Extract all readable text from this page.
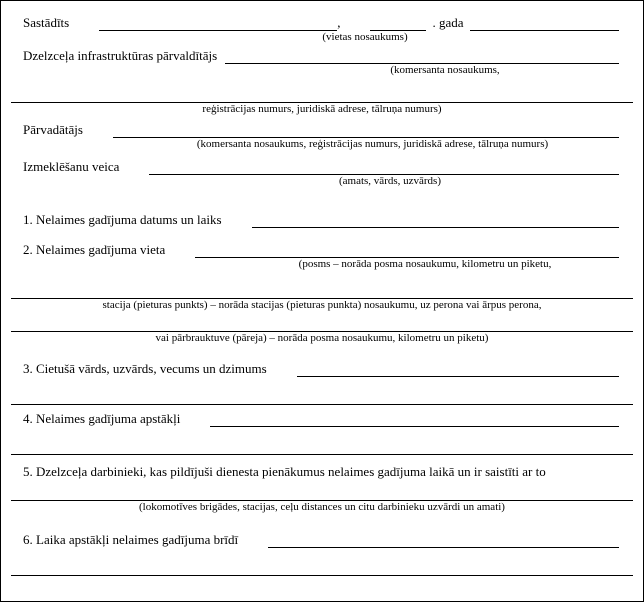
Sastādīts	,	. gada
(vietas nosaukums)
Dzelzceļa infrastruktūras pārvaldītājs
(komersanta nosaukums,
reģistrācijas numurs, juridiskā adrese, tālruņa numurs)
Pārvadātājs
(komersanta nosaukums, reģistrācijas numurs, juridiskā adrese, tālruņa numurs)
Izmeklēšanu veica
(amats, vārds, uzvārds)
1. Nelaimes gadījuma datums un laiks
2. Nelaimes gadījuma vieta
(posms – norāda posma nosaukumu, kilometru un piketu,
stacija (pieturas punkts) – norāda stacijas (pieturas punkta) nosaukumu, uz perona vai ārpus perona,
vai pārbrauktuve (pāreja) – norāda posma nosaukumu, kilometru un piketu)
3. Cietušā vārds, uzvārds, vecums un dzimums
4. Nelaimes gadījuma apstākļi
5. Dzelzceļa darbinieki, kas pildījuši dienesta pienākumus nelaimes gadījuma laikā un ir saistīti ar to
(lokomotīves brigādes, stacijas, ceļu distances un citu darbinieku uzvārdi un amati)
6. Laika apstākļi nelaimes gadījuma brīdī
